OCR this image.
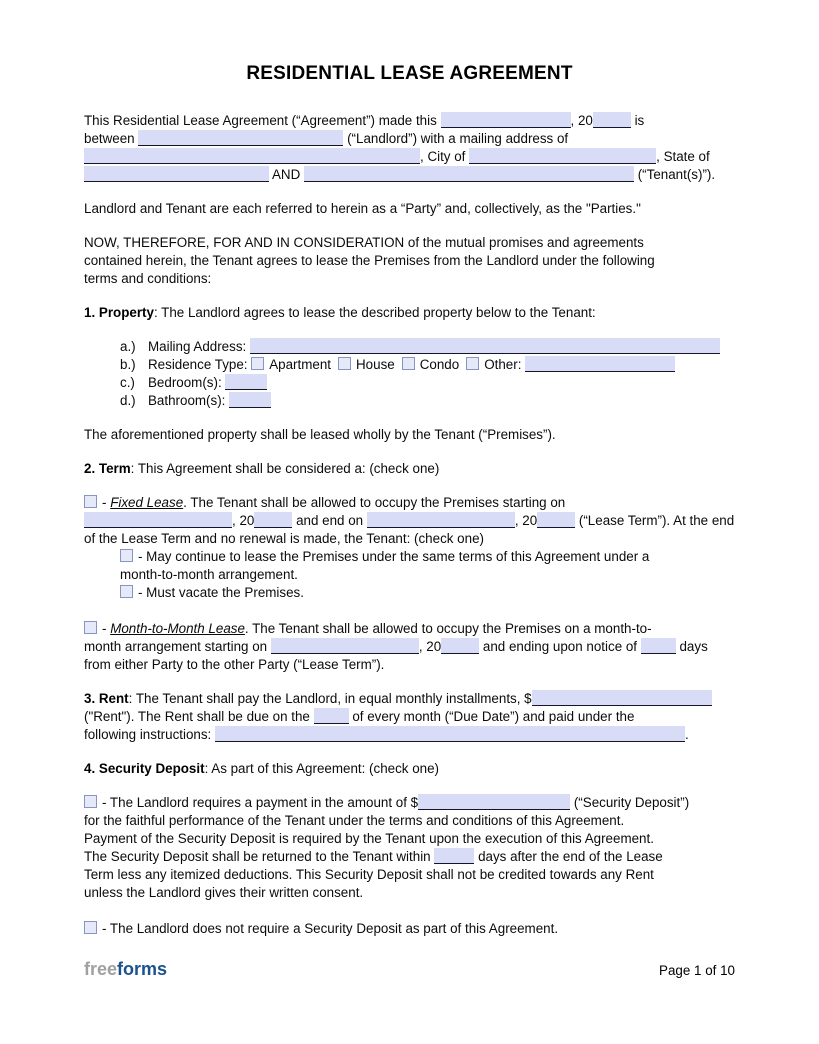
RESIDENTIAL LEASE AGREEMENT
This Residential Lease Agreement (“Agreement”) made this	, 20	is
between	(“Landlord”) with a mailing address of
, City of	, State of
AND	(“Tenant(s)”).
Landlord and Tenant are each referred to herein as a “Party” and, collectively, as the "Parties."
NOW, THEREFORE, FOR AND IN CONSIDERATION of the mutual promises and agreements
contained herein, the Tenant agrees to lease the Premises from the Landlord under the following
terms and conditions:
1. Property: The Landlord agrees to lease the described property below to the Tenant:
a.) Mailing Address:
b.) Residence Type: Apartment House Condo Other:
c.) Bedroom(s):
d.) Bathroom(s):
The aforementioned property shall be leased wholly by the Tenant (“Premises”).
2. Term: This Agreement shall be considered a: (check one)
- Fixed Lease. The Tenant shall be allowed to occupy the Premises starting on
, 20	and end on	, 20	(“Lease Term”). At the end
of the Lease Term and no renewal is made, the Tenant: (check one)
- May continue to lease the Premises under the same terms of this Agreement under a
month-to-month arrangement.
- Must vacate the Premises.
- Month-to-Month Lease. The Tenant shall be allowed to occupy the Premises on a month-to-
month arrangement starting on	, 20	and ending upon notice of	days
from either Party to the other Party (“Lease Term”).
3. Rent: The Tenant shall pay the Landlord, in equal monthly installments, $
("Rent"). The Rent shall be due on the	of every month (“Due Date”) and paid under the
following instructions:	.
4. Security Deposit: As part of this Agreement: (check one)
- The Landlord requires a payment in the amount of $	(“Security Deposit”)
for the faithful performance of the Tenant under the terms and conditions of this Agreement.
Payment of the Security Deposit is required by the Tenant upon the execution of this Agreement.
The Security Deposit shall be returned to the Tenant within	days after the end of the Lease
Term less any itemized deductions. This Security Deposit shall not be credited towards any Rent
unless the Landlord gives their written consent.
- The Landlord does not require a Security Deposit as part of this Agreement.
freeforms	Page 1 of 10
